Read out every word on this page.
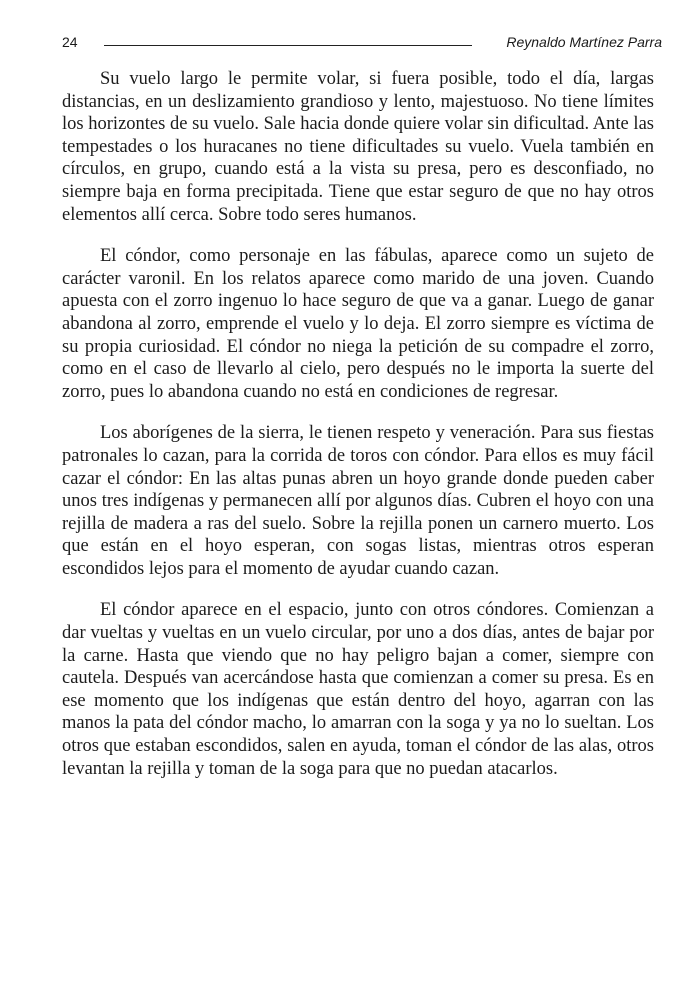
24	Reynaldo Martínez Parra

Su vuelo largo le permite volar, si fuera posible, todo el día, largas distancias, en un deslizamiento grandioso y lento, majestuoso. No tiene límites los horizontes de su vuelo. Sale hacia donde quiere volar sin dificultad. Ante las tempestades o los huracanes no tiene dificultades su vuelo. Vuela también en círculos, en grupo, cuando está a la vista su presa, pero es desconfiado, no siempre baja en forma precipitada. Tiene que estar seguro de que no hay otros elementos allí cerca. Sobre todo seres humanos.

El cóndor, como personaje en las fábulas, aparece como un sujeto de carácter varonil. En los relatos aparece como marido de una joven. Cuando apuesta con el zorro ingenuo lo hace seguro de que va a ganar. Luego de ganar abandona al zorro, emprende el vuelo y lo deja. El zorro siempre es víctima de su propia curiosidad. El cóndor no niega la petición de su compadre el zorro, como en el caso de llevarlo al cielo, pero después no le importa la suerte del zorro, pues lo abandona cuando no está en condiciones de regresar.

Los aborígenes de la sierra, le tienen respeto y veneración. Para sus fiestas patronales lo cazan, para la corrida de toros con cóndor. Para ellos es muy fácil cazar el cóndor: En las altas punas abren un hoyo grande donde pueden caber unos tres indígenas y permanecen allí por algunos días. Cubren el hoyo con una rejilla de madera a ras del suelo. Sobre la rejilla ponen un carnero muerto. Los que están en el hoyo esperan, con sogas listas, mientras otros esperan escondidos lejos para el momento de ayudar cuando cazan.

El cóndor aparece en el espacio, junto con otros cóndores. Comienzan a dar vueltas y vueltas en un vuelo circular, por uno a dos días, antes de bajar por la carne. Hasta que viendo que no hay peligro bajan a comer, siempre con cautela. Después van acercándose hasta que comienzan a comer su presa. Es en ese momento que los indígenas que están dentro del hoyo, agarran con las manos la pata del cóndor macho, lo amarran con la soga y ya no lo sueltan. Los otros que estaban escondidos, salen en ayuda, toman el cóndor de las alas, otros levantan la rejilla y toman de la soga para que no puedan atacarlos.
